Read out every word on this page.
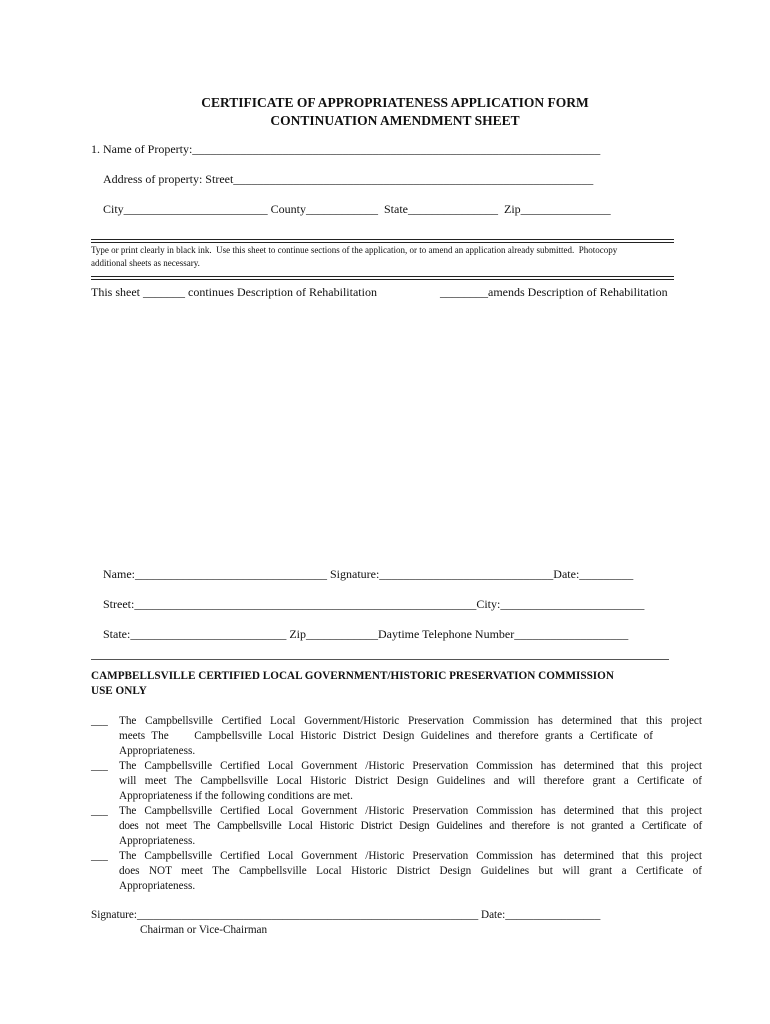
CERTIFICATE OF APPROPRIATENESS APPLICATION FORM
CONTINUATION AMENDMENT SHEET
1. Name of Property:____________________________________________________________________
Address of property: Street____________________________________________________________
City________________________ County____________  State_______________  Zip_______________
Type or print clearly in black ink.  Use this sheet to continue sections of the application, or to amend an application already submitted.  Photocopy
additional sheets as necessary.
This sheet _______ continues Description of Rehabilitation	________amends Description of Rehabilitation
Name:________________________________ Signature:_____________________________Date:_________
Street:_________________________________________________________City:________________________
State:__________________________ Zip____________Daytime Telephone Number___________________
CAMPBELLSVILLE CERTIFIED LOCAL GOVERNMENT/HISTORIC PRESERVATION COMMISSION
USE ONLY
___ The Campbellsville Certified Local Government/Historic Preservation Commission has determined that this project
meets The    Campbellsville Local Historic District Design Guidelines and therefore grants a Certificate of
Appropriateness.
___ The Campbellsville Certified Local Government /Historic Preservation Commission has determined that this project
will meet The Campbellsville Local Historic District Design Guidelines and will therefore grant a Certificate of
Appropriateness if the following conditions are met.
___ The Campbellsville Certified Local Government /Historic Preservation Commission has determined that this project
does not meet The Campbellsville Local Historic District Design Guidelines and therefore is not granted a Certificate of
Appropriateness.
___ The Campbellsville Certified Local Government /Historic Preservation Commission has determined that this project
does NOT meet The Campbellsville Local Historic District Design Guidelines but will grant a Certificate of
Appropriateness.
Signature:_____________________________________________________________ Date:_________________
Chairman or Vice-Chairman
